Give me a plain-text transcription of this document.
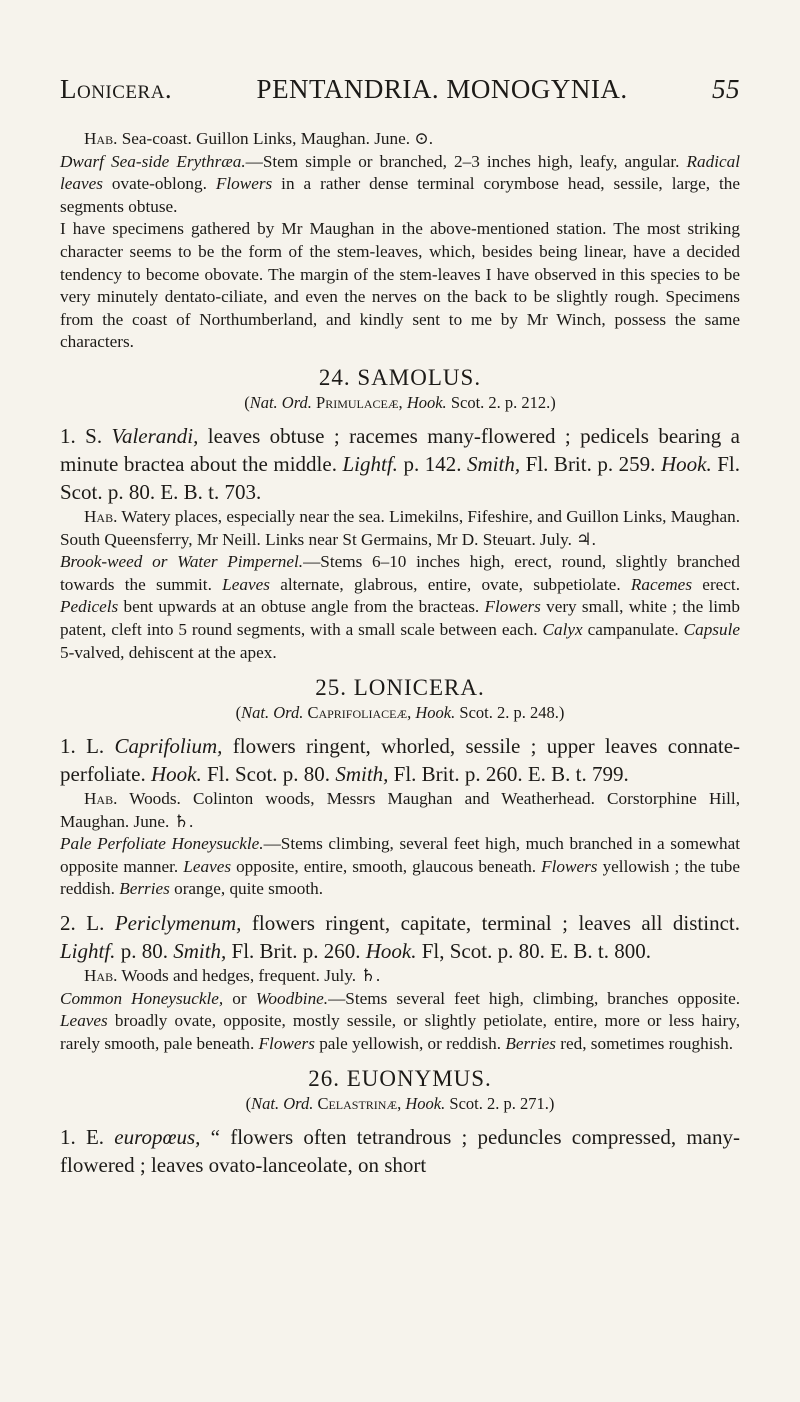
Lonicera.	PENTANDRIA. MONOGYNIA.	55

Hab. Sea-coast. Guillon Links, Maughan. June. ⊙.

Dwarf Sea-side Erythræa.—Stem simple or branched, 2–3 inches high, leafy, angular. Radical leaves ovate-oblong. Flowers in a rather dense terminal corymbose head, sessile, large, the segments obtuse.

I have specimens gathered by Mr Maughan in the above-mentioned station. The most striking character seems to be the form of the stem-leaves, which, besides being linear, have a decided tendency to become obovate. The margin of the stem-leaves I have observed in this species to be very minutely dentato-ciliate, and even the nerves on the back to be slightly rough. Specimens from the coast of Northumberland, and kindly sent to me by Mr Winch, possess the same characters.

24. SAMOLUS.
(Nat. Ord. Primulaceæ, Hook. Scot. 2. p. 212.)

1. S. Valerandi, leaves obtuse ; racemes many-flowered ; pedicels bearing a minute bractea about the middle. Lightf. p. 142. Smith, Fl. Brit. p. 259. Hook. Fl. Scot. p. 80. E. B. t. 703.

Hab. Watery places, especially near the sea. Limekilns, Fifeshire, and Guillon Links, Maughan. South Queensferry, Mr Neill. Links near St Germains, Mr D. Steuart. July. ♃.

Brook-weed or Water Pimpernel.—Stems 6–10 inches high, erect, round, slightly branched towards the summit. Leaves alternate, glabrous, entire, ovate, subpetiolate. Racemes erect. Pedicels bent upwards at an obtuse angle from the bracteas. Flowers very small, white ; the limb patent, cleft into 5 round segments, with a small scale between each. Calyx campanulate. Capsule 5-valved, dehiscent at the apex.

25. LONICERA.
(Nat. Ord. Caprifoliaceæ, Hook. Scot. 2. p. 248.)

1. L. Caprifolium, flowers ringent, whorled, sessile ; upper leaves connate-perfoliate. Hook. Fl. Scot. p. 80. Smith, Fl. Brit. p. 260. E. B. t. 799.

Hab. Woods. Colinton woods, Messrs Maughan and Weatherhead. Corstorphine Hill, Maughan. June. ♄.

Pale Perfoliate Honeysuckle.—Stems climbing, several feet high, much branched in a somewhat opposite manner. Leaves opposite, entire, smooth, glaucous beneath. Flowers yellowish ; the tube reddish. Berries orange, quite smooth.

2. L. Periclymenum, flowers ringent, capitate, terminal ; leaves all distinct. Lightf. p. 80. Smith, Fl. Brit. p. 260. Hook. Fl, Scot. p. 80. E. B. t. 800.

Hab. Woods and hedges, frequent. July. ♄.

Common Honeysuckle, or Woodbine.—Stems several feet high, climbing, branches opposite. Leaves broadly ovate, opposite, mostly sessile, or slightly petiolate, entire, more or less hairy, rarely smooth, pale beneath. Flowers pale yellowish, or reddish. Berries red, sometimes roughish.

26. EUONYMUS.
(Nat. Ord. Celastrinæ, Hook. Scot. 2. p. 271.)

1. E. europœus, “ flowers often tetrandrous ; peduncles compressed, many-flowered ; leaves ovato-lanceolate, on short
